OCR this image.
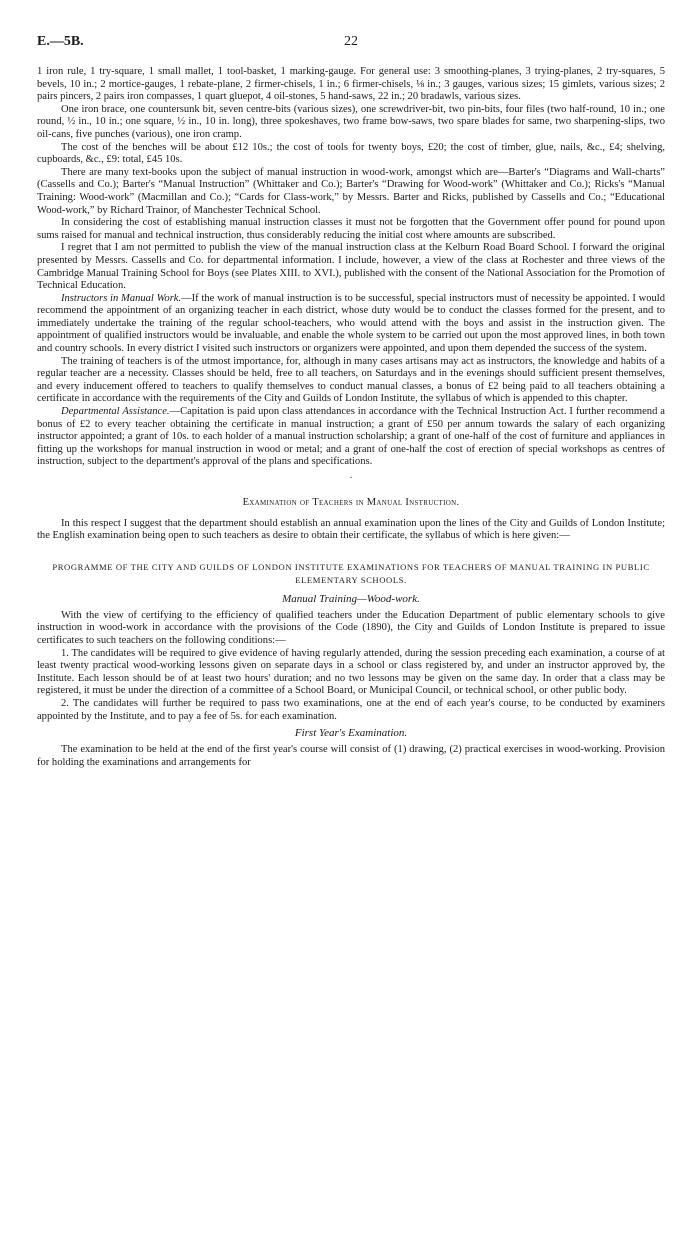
E.—5B.	22

1 iron rule, 1 try-square, 1 small mallet, 1 tool-basket, 1 marking-gauge. For general use: 3 smoothing-planes, 3 trying-planes, 2 try-squares, 5 bevels, 10 in.; 2 mortice-gauges, 1 rebate-plane, 2 firmer-chisels, 1 in.; 6 firmer-chisels, ⅛ in.; 3 gauges, various sizes; 15 gimlets, various sizes; 2 pairs pincers, 2 pairs iron compasses, 1 quart gluepot, 4 oil-stones, 5 hand-saws, 22 in.; 20 bradawls, various sizes.

One iron brace, one countersunk bit, seven centre-bits (various sizes), one screwdriver-bit, two pin-bits, four files (two half-round, 10 in.; one round, ½ in., 10 in.; one square, ½ in., 10 in. long), three spokeshaves, two frame bow-saws, two spare blades for same, two sharpening-slips, two oil-cans, five punches (various), one iron cramp.

The cost of the benches will be about £12 10s.; the cost of tools for twenty boys, £20; the cost of timber, glue, nails, &c., £4; shelving, cupboards, &c., £9: total, £45 10s.

There are many text-books upon the subject of manual instruction in wood-work, amongst which are—Barter's “Diagrams and Wall-charts” (Cassells and Co.); Barter's “Manual Instruction” (Whittaker and Co.); Barter's “Drawing for Wood-work” (Whittaker and Co.); Ricks's “Manual Training: Wood-work” (Macmillan and Co.); “Cards for Class-work,” by Messrs. Barter and Ricks, published by Cassells and Co.; “Educational Wood-work,” by Richard Trainor, of Manchester Technical School.

In considering the cost of establishing manual instruction classes it must not be forgotten that the Government offer pound for pound upon sums raised for manual and technical instruction, thus considerably reducing the initial cost where amounts are subscribed.

I regret that I am not permitted to publish the view of the manual instruction class at the Kelburn Road Board School. I forward the original presented by Messrs. Cassells and Co. for departmental information. I include, however, a view of the class at Rochester and three views of the Cambridge Manual Training School for Boys (see Plates XIII. to XVI.), published with the consent of the National Association for the Promotion of Technical Education.

Instructors in Manual Work.—If the work of manual instruction is to be successful, special instructors must of necessity be appointed. I would recommend the appointment of an organizing teacher in each district, whose duty would be to conduct the classes formed for the present, and to immediately undertake the training of the regular school-teachers, who would attend with the boys and assist in the instruction given. The appointment of qualified instructors would be invaluable, and enable the whole system to be carried out upon the most approved lines, in both town and country schools. In every district I visited such instructors or organizers were appointed, and upon them depended the success of the system.

The training of teachers is of the utmost importance, for, although in many cases artisans may act as instructors, the knowledge and habits of a regular teacher are a necessity. Classes should be held, free to all teachers, on Saturdays and in the evenings should sufficient present themselves, and every inducement offered to teachers to qualify themselves to conduct manual classes, a bonus of £2 being paid to all teachers obtaining a certificate in accordance with the requirements of the City and Guilds of London Institute, the syllabus of which is appended to this chapter.

Departmental Assistance.—Capitation is paid upon class attendances in accordance with the Technical Instruction Act. I further recommend a bonus of £2 to every teacher obtaining the certificate in manual instruction; a grant of £50 per annum towards the salary of each organizing instructor appointed; a grant of 10s. to each holder of a manual instruction scholarship; a grant of one-half of the cost of furniture and appliances in fitting up the workshops for manual instruction in wood or metal; and a grant of one-half the cost of erection of special workshops as centres of instruction, subject to the department's approval of the plans and specifications.

·
Examination of Teachers in Manual Instruction.

In this respect I suggest that the department should establish an annual examination upon the lines of the City and Guilds of London Institute; the English examination being open to such teachers as desire to obtain their certificate, the syllabus of which is here given:—

PROGRAMME OF THE CITY AND GUILDS OF LONDON INSTITUTE EXAMINATIONS FOR TEACHERS OF MANUAL TRAINING IN PUBLIC ELEMENTARY SCHOOLS.
Manual Training—Wood-work.

With the view of certifying to the efficiency of qualified teachers under the Education Department of public elementary schools to give instruction in wood-work in accordance with the provisions of the Code (1890), the City and Guilds of London Institute is prepared to issue certificates to such teachers on the following conditions:—

1. The candidates will be required to give evidence of having regularly attended, during the session preceding each examination, a course of at least twenty practical wood-working lessons given on separate days in a school or class registered by, and under an instructor approved by, the Institute. Each lesson should be of at least two hours' duration; and no two lessons may be given on the same day. In order that a class may be registered, it must be under the direction of a committee of a School Board, or Municipal Council, or technical school, or other public body.

2. The candidates will further be required to pass two examinations, one at the end of each year's course, to be conducted by examiners appointed by the Institute, and to pay a fee of 5s. for each examination.

First Year's Examination.

The examination to be held at the end of the first year's course will consist of (1) drawing, (2) practical exercises in wood-working. Provision for holding the examinations and arrangements for
